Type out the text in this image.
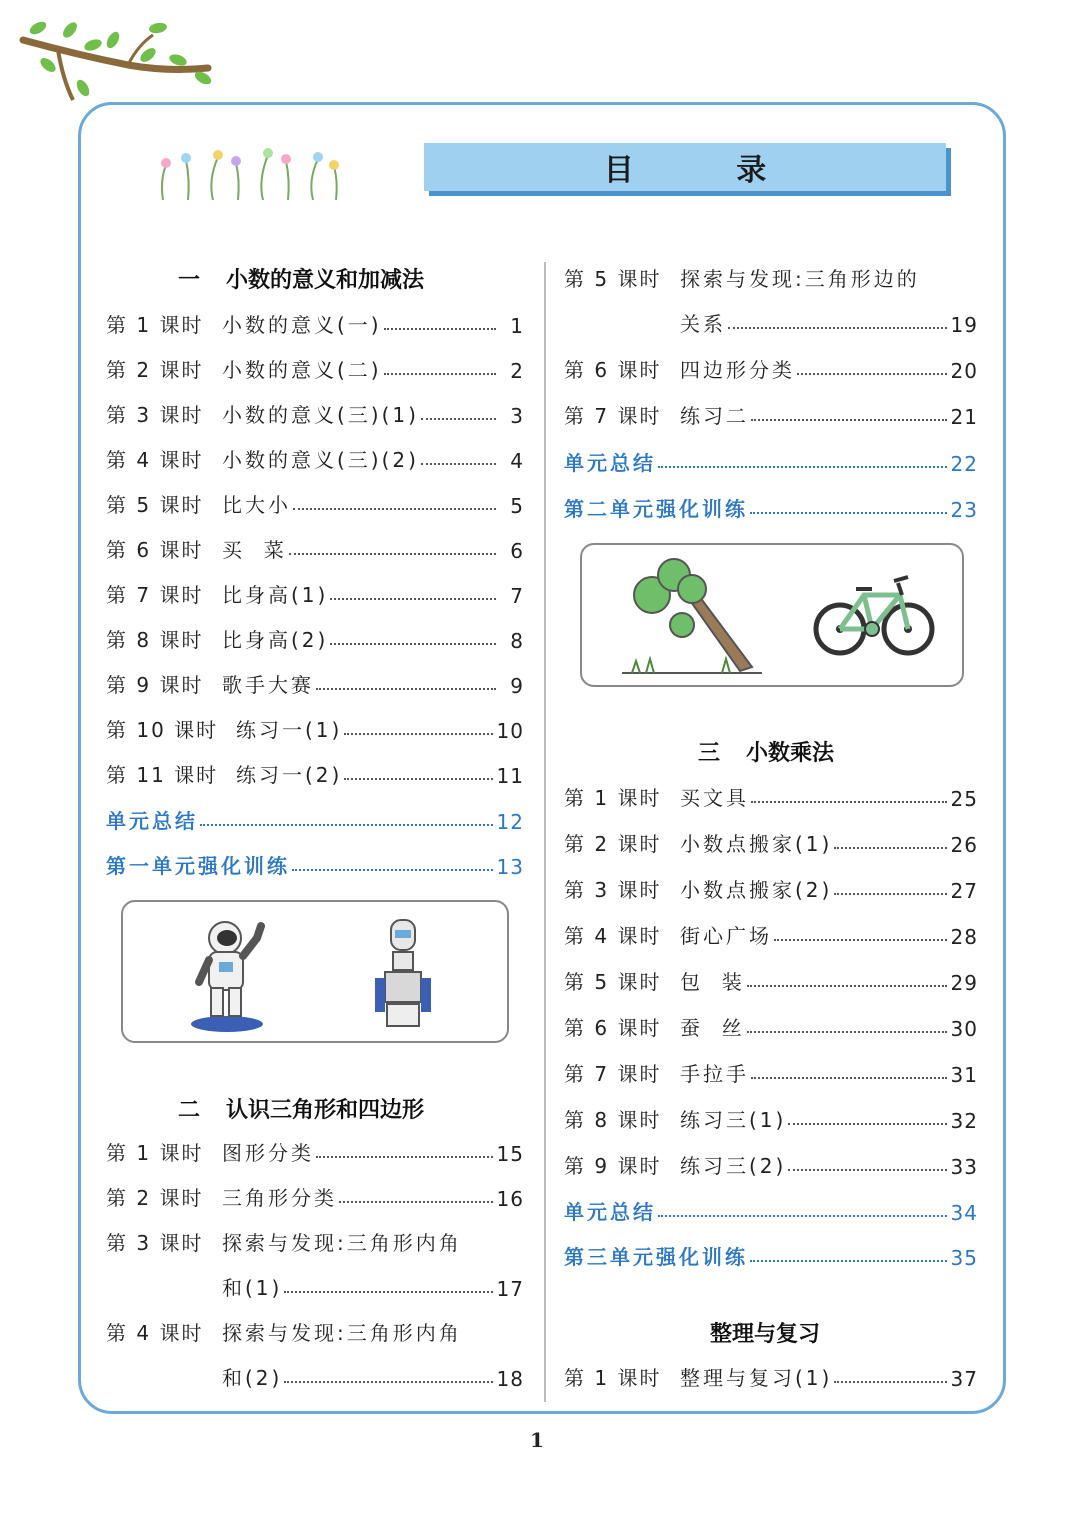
目 录
一 小数的意义和加减法
第 1 课时 小数的意义(一)	1
第 2 课时 小数的意义(二)	2
第 3 课时 小数的意义(三)(1)	3
第 4 课时 小数的意义(三)(2)	4
第 5 课时 比大小	5
第 6 课时 买  菜	6
第 7 课时 比身高(1)	7
第 8 课时 比身高(2)	8
第 9 课时 歌手大赛	9
第 10 课时 练习一(1)	10
第 11 课时 练习一(2)	11
单元总结	12
第一单元强化训练	13
二 认识三角形和四边形
第 1 课时 图形分类	15
第 2 课时 三角形分类	16
第 3 课时 探索与发现:三角形内角
和(1)	17
第 4 课时 探索与发现:三角形内角
和(2)	18
第 5 课时 探索与发现:三角形边的
关系	19
第 6 课时 四边形分类	20
第 7 课时 练习二	21
单元总结	22
第二单元强化训练	23
三 小数乘法
第 1 课时 买文具	25
第 2 课时 小数点搬家(1)	26
第 3 课时 小数点搬家(2)	27
第 4 课时 街心广场	28
第 5 课时 包  装	29
第 6 课时 蚕  丝	30
第 7 课时 手拉手	31
第 8 课时 练习三(1)	32
第 9 课时 练习三(2)	33
单元总结	34
第三单元强化训练	35
整理与复习
第 1 课时 整理与复习(1)	37
1
